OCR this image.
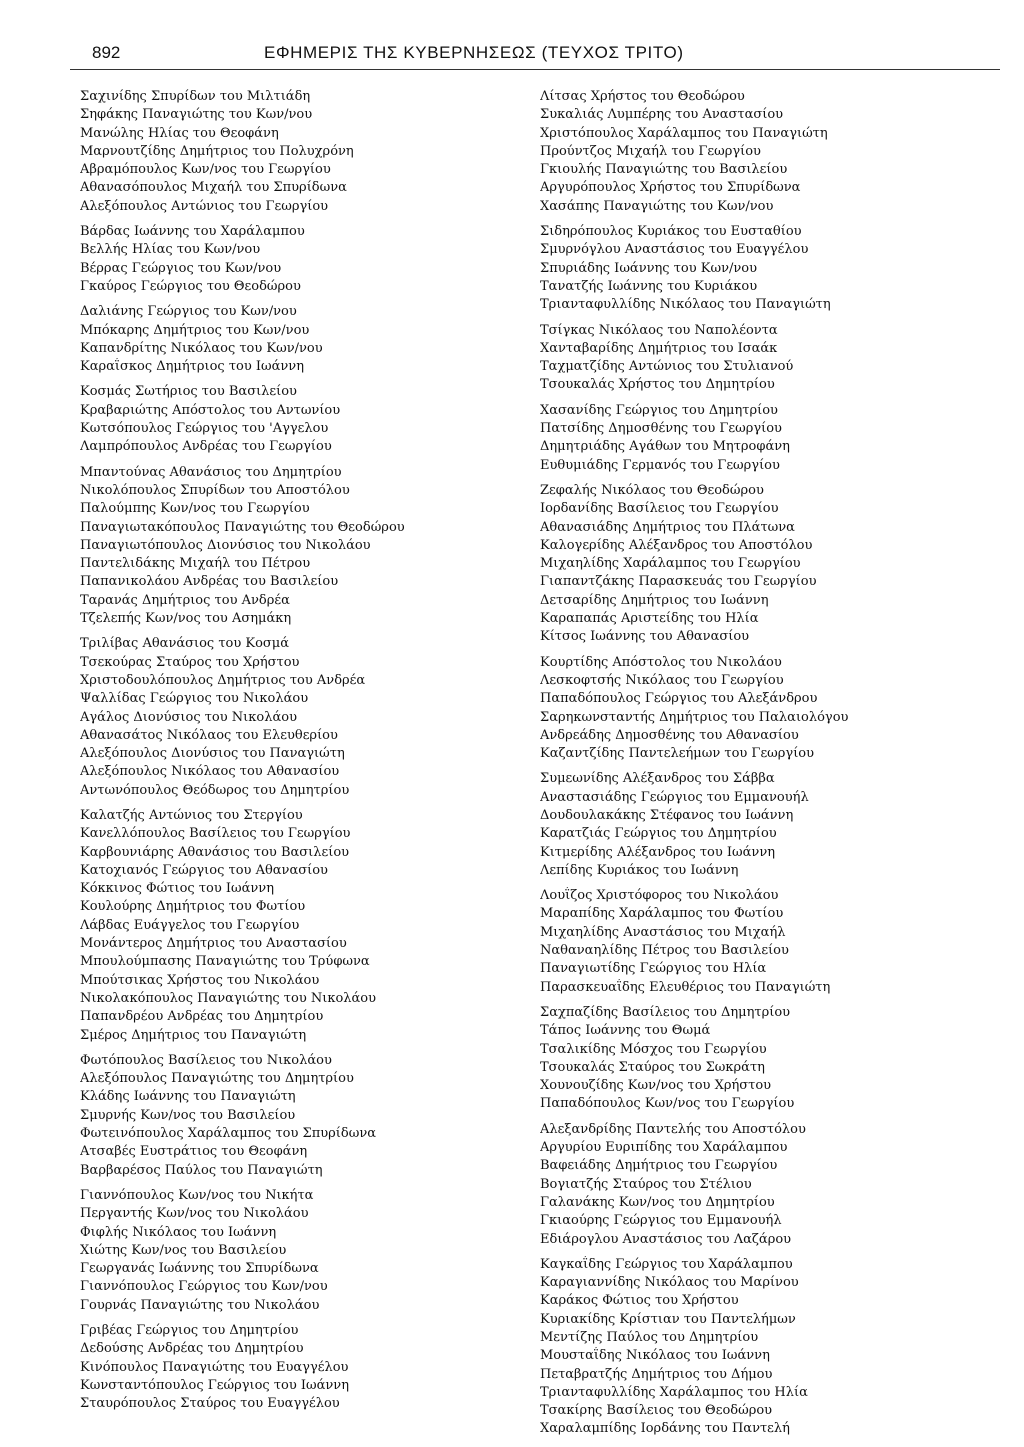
892	ΕΦΗΜΕΡΙΣ ΤΗΣ ΚΥΒΕΡΝΗΣΕΩΣ (ΤΕΥΧΟΣ ΤΡΙΤΟ)
Σαχινίδης Σπυρίδων του Μιλτιάδη
Σηφάκης Παναγιώτης του Κων/νου
Μανώλης Ηλίας του Θεοφάνη
Μαρνουτζίδης Δημήτριος του Πολυχρόνη
Αβραμόπουλος Κων/νος του Γεωργίου
Αθανασόπουλος Μιχαήλ του Σπυρίδωνα
Αλεξόπουλος Αντώνιος του Γεωργίου
Βάρδας Ιωάννης του Χαράλαμπου
Βελλής Ηλίας του Κων/νου
Βέρρας Γεώργιος του Κων/νου
Γκαύρος Γεώργιος του Θεοδώρου
Δαλιάνης Γεώργιος του Κων/νου
Μπόκαρης Δημήτριος του Κων/νου
Καπανδρίτης Νικόλαος του Κων/νου
Καραΐσκος Δημήτριος του Ιωάννη
Κοσμάς Σωτήριος του Βασιλείου
Κραβαριώτης Απόστολος του Αντωνίου
Κωτσόπουλος Γεώργιος του 'Αγγελου
Λαμπρόπουλος Ανδρέας του Γεωργίου
Μπαντούνας Αθανάσιος του Δημητρίου
Νικολόπουλος Σπυρίδων του Αποστόλου
Παλούμπης Κων/νος του Γεωργίου
Παναγιωτακόπουλος Παναγιώτης του Θεοδώρου
Παναγιωτόπουλος Διονύσιος του Νικολάου
Παντελιδάκης Μιχαήλ του Πέτρου
Παπανικολάου Ανδρέας του Βασιλείου
Ταρανάς Δημήτριος του Ανδρέα
Τζελεπής Κων/νος του Ασημάκη
Τριλίβας Αθανάσιος του Κοσμά
Τσεκούρας Σταύρος του Χρήστου
Χριστοδουλόπουλος Δημήτριος του Ανδρέα
Ψαλλίδας Γεώργιος του Νικολάου
Αγάλος Διονύσιος του Νικολάου
Αθανασάτος Νικόλαος του Ελευθερίου
Αλεξόπουλος Διονύσιος του Παναγιώτη
Αλεξόπουλος Νικόλαος του Αθανασίου
Αντωνόπουλος Θεόδωρος του Δημητρίου
Καλατζής Αντώνιος του Στεργίου
Κανελλόπουλος Βασίλειος του Γεωργίου
Καρβουνιάρης Αθανάσιος του Βασιλείου
Κατοχιανός Γεώργιος του Αθανασίου
Κόκκινος Φώτιος του Ιωάννη
Κουλούρης Δημήτριος του Φωτίου
Λάβδας Ευάγγελος του Γεωργίου
Μονάντερος Δημήτριος του Αναστασίου
Μπουλούμπασης Παναγιώτης του Τρύφωνα
Μπούτσικας Χρήστος του Νικολάου
Νικολακόπουλος Παναγιώτης του Νικολάου
Παπανδρέου Ανδρέας του Δημητρίου
Σμέρος Δημήτριος του Παναγιώτη
Φωτόπουλος Βασίλειος του Νικολάου
Αλεξόπουλος Παναγιώτης του Δημητρίου
Κλάδης Ιωάννης του Παναγιώτη
Σμυρνής Κων/νος του Βασιλείου
Φωτεινόπουλος Χαράλαμπος του Σπυρίδωνα
Ατσαβές Ευστράτιος του Θεοφάνη
Βαρβαρέσος Παύλος του Παναγιώτη
Γιαννόπουλος Κων/νος του Νικήτα
Περγαντής Κων/νος του Νικολάου
Φιφλής Νικόλαος του Ιωάννη
Χιώτης Κων/νος του Βασιλείου
Γεωργανάς Ιωάννης του Σπυρίδωνα
Γιαννόπουλος Γεώργιος του Κων/νου
Γουρνάς Παναγιώτης του Νικολάου
Γριβέας Γεώργιος του Δημητρίου
Δεδούσης Ανδρέας του Δημητρίου
Κινόπουλος Παναγιώτης του Ευαγγέλου
Κωνσταντόπουλος Γεώργιος του Ιωάννη
Σταυρόπουλος Σταύρος του Ευαγγέλου
Λίτσας Χρήστος του Θεοδώρου
Συκαλιάς Λυμπέρης του Αναστασίου
Χριστόπουλος Χαράλαμπος του Παναγιώτη
Προύντζος Μιχαήλ του Γεωργίου
Γκιουλής Παναγιώτης του Βασιλείου
Αργυρόπουλος Χρήστος του Σπυρίδωνα
Χασάπης Παναγιώτης του Κων/νου
Σιδηρόπουλος Κυριάκος του Ευσταθίου
Σμυρνόγλου Αναστάσιος του Ευαγγέλου
Σπυριάδης Ιωάννης του Κων/νου
Τανατζής Ιωάννης του Κυριάκου
Τριανταφυλλίδης Νικόλαος του Παναγιώτη
Τσίγκας Νικόλαος του Ναπολέοντα
Χανταβαρίδης Δημήτριος του Ισαάκ
Ταχματζίδης Αντώνιος του Στυλιανού
Τσουκαλάς Χρήστος του Δημητρίου
Χασανίδης Γεώργιος του Δημητρίου
Πατσίδης Δημοσθένης του Γεωργίου
Δημητριάδης Αγάθων του Μητροφάνη
Ευθυμιάδης Γερμανός του Γεωργίου
Ζεφαλής Νικόλαος του Θεοδώρου
Ιορδανίδης Βασίλειος του Γεωργίου
Αθανασιάδης Δημήτριος του Πλάτωνα
Καλογερίδης Αλέξανδρος του Αποστόλου
Μιχαηλίδης Χαράλαμπος του Γεωργίου
Γιαπαντζάκης Παρασκευάς του Γεωργίου
Δετσαρίδης Δημήτριος του Ιωάννη
Καραπαπάς Αριστείδης του Ηλία
Κίτσος Ιωάννης του Αθανασίου
Κουρτίδης Απόστολος του Νικολάου
Λεσκοφτσής Νικόλαος του Γεωργίου
Παπαδόπουλος Γεώργιος του Αλεξάνδρου
Σαρηκωνσταντής Δημήτριος του Παλαιολόγου
Ανδρεάδης Δημοσθένης του Αθανασίου
Καζαντζίδης Παντελεήμων του Γεωργίου
Συμεωνίδης Αλέξανδρος του Σάββα
Αναστασιάδης Γεώργιος του Εμμανουήλ
Δουδουλακάκης Στέφανος του Ιωάννη
Καρατζιάς Γεώργιος του Δημητρίου
Κιτμερίδης Αλέξανδρος του Ιωάννη
Λεπίδης Κυριάκος του Ιωάννη
Λουΐζος Χριστόφορος του Νικολάου
Μαραπίδης Χαράλαμπος του Φωτίου
Μιχαηλίδης Αναστάσιος του Μιχαήλ
Ναθαναηλίδης Πέτρος του Βασιλείου
Παναγιωτίδης Γεώργιος του Ηλία
Παρασκευαΐδης Ελευθέριος του Παναγιώτη
Σαχπαζίδης Βασίλειος του Δημητρίου
Τάπος Ιωάννης του Θωμά
Τσαλικίδης Μόσχος του Γεωργίου
Τσουκαλάς Σταύρος του Σωκράτη
Χουνουζίδης Κων/νος του Χρήστου
Παπαδόπουλος Κων/νος του Γεωργίου
Αλεξανδρίδης Παντελής του Αποστόλου
Αργυρίου Ευριπίδης του Χαράλαμπου
Βαφειάδης Δημήτριος του Γεωργίου
Βογιατζής Σταύρος του Στέλιου
Γαλανάκης Κων/νος του Δημητρίου
Γκιαούρης Γεώργιος του Εμμανουήλ
Εδιάρογλου Αναστάσιος του Λαζάρου
Καγκαΐδης Γεώργιος του Χαράλαμπου
Καραγιαννίδης Νικόλαος του Μαρίνου
Καράκος Φώτιος του Χρήστου
Κυριακίδης Κρίστιαν του Παντελήμων
Μεντίζης Παύλος του Δημητρίου
Μουσταΐδης Νικόλαος του Ιωάννη
Πεταβρατζής Δημήτριος του Δήμου
Τριανταφυλλίδης Χαράλαμπος του Ηλία
Τσακίρης Βασίλειος του Θεοδώρου
Χαραλαμπίδης Ιορδάνης του Παντελή
